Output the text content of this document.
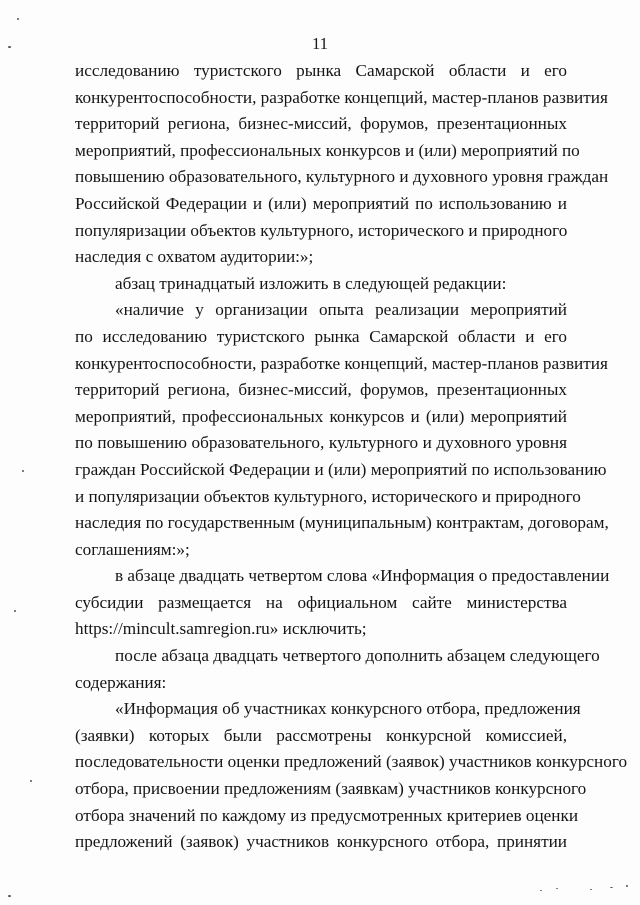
11
исследованию туристского рынка Самарской области и его
конкурентоспособности, разработке концепций, мастер-планов развития
территорий региона, бизнес-миссий, форумов, презентационных
мероприятий, профессиональных конкурсов и (или) мероприятий по
повышению образовательного, культурного и духовного уровня граждан
Российской Федерации и (или) мероприятий по использованию и
популяризации объектов культурного, исторического и природного
наследия с охватом аудитории:»;
абзац тринадцатый изложить в следующей редакции:
«наличие у организации опыта реализации мероприятий
по исследованию туристского рынка Самарской области и его
конкурентоспособности, разработке концепций, мастер-планов развития
территорий региона, бизнес-миссий, форумов, презентационных
мероприятий, профессиональных конкурсов и (или) мероприятий
по повышению образовательного, культурного и духовного уровня
граждан Российской Федерации и (или) мероприятий по использованию
и популяризации объектов культурного, исторического и природного
наследия по государственным (муниципальным) контрактам, договорам,
соглашениям:»;
в абзаце двадцать четвертом слова «Информация о предоставлении
субсидии размещается на официальном сайте министерства
https://mincult.samregion.ru» исключить;
после абзаца двадцать четвертого дополнить абзацем следующего
содержания:
«Информация об участниках конкурсного отбора, предложения
(заявки) которых были рассмотрены конкурсной комиссией,
последовательности оценки предложений (заявок) участников конкурсного
отбора, присвоении предложениям (заявкам) участников конкурсного
отбора значений по каждому из предусмотренных критериев оценки
предложений (заявок) участников конкурсного отбора, принятии
